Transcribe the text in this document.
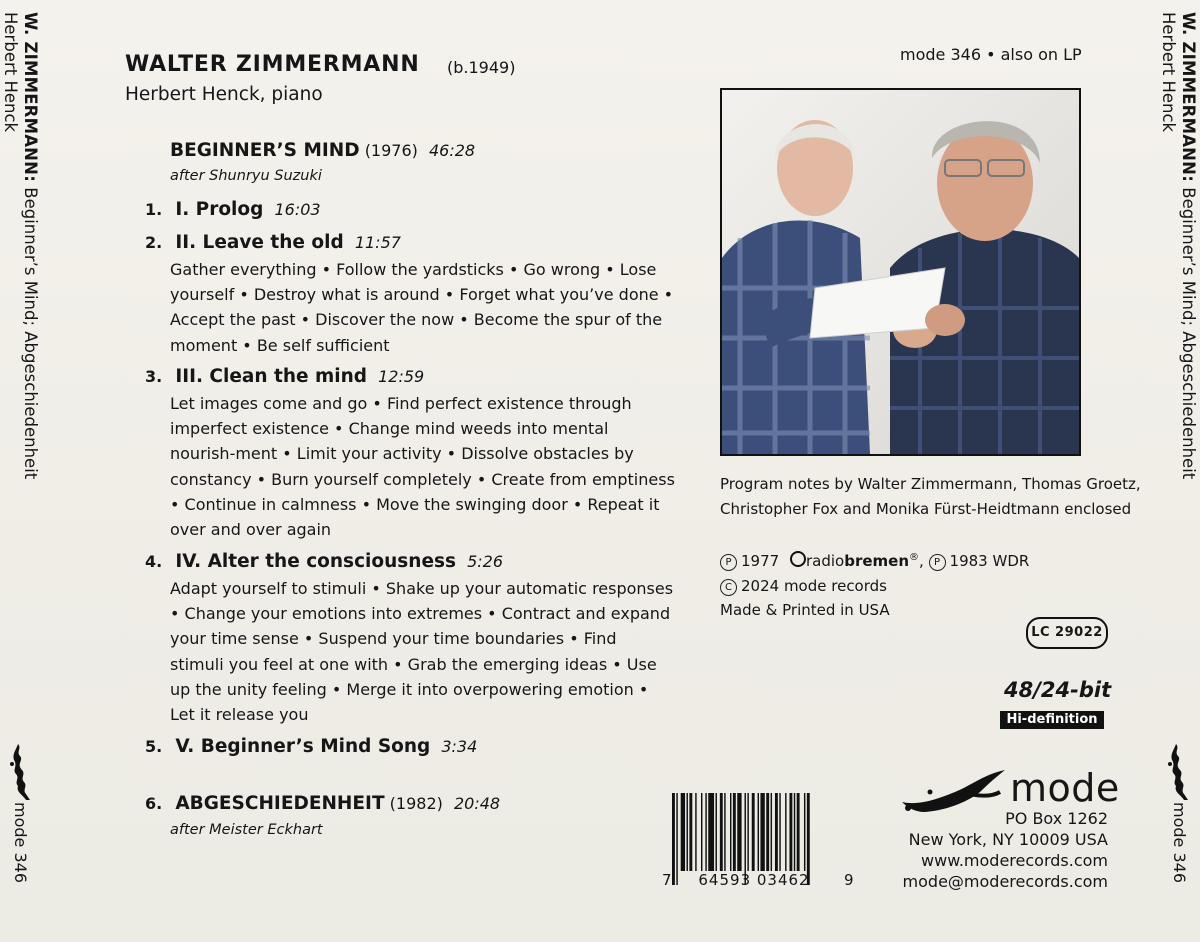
W. ZIMMERMANN: Beginner’s Mind; Abgeschiedenheit
Herbert Henck
mode 346
W. ZIMMERMANN: Beginner’s Mind; Abgeschiedenheit
Herbert Henck
mode 346
WALTER ZIMMERMANN (b.1949)
Herbert Henck, piano
BEGINNER’S MIND (1976) 46:28
after Shunryu Suzuki
1. I. Prolog 16:03
2. II. Leave the old 11:57
Gather everything • Follow the yardsticks • Go wrong • Lose yourself • Destroy what is around • Forget what you’ve done • Accept the past • Discover the now • Become the spur of the moment • Be self sufficient
3. III. Clean the mind 12:59
Let images come and go • Find perfect existence through imperfect existence • Change mind weeds into mental nourish-ment • Limit your activity • Dissolve obstacles by constancy • Burn yourself completely • Create from emptiness • Continue in calmness • Move the swinging door • Repeat it over and over again
4. IV. Alter the consciousness 5:26
Adapt yourself to stimuli • Shake up your automatic responses • Change your emotions into extremes • Contract and expand your time sense • Suspend your time boundaries • Find stimuli you feel at one with • Grab the emerging ideas • Use up the unity feeling • Merge it into overpowering emotion • Let it release you
5. V. Beginner’s Mind Song 3:34
6. ABGESCHIEDENHEIT (1982) 20:48
after Meister Eckhart
mode 346 • also on LP
Program notes by Walter Zimmermann, Thomas Groetz, Christopher Fox and Monika Fürst-Heidtmann enclosed
P 1977 radiobremen®, P 1983 WDR
C 2024 mode records
Made & Printed in USA
LC 29022
48/24-bit
Hi-definition
7	64593 03462	9
mode
PO Box 1262
New York, NY 10009 USA
www.moderecords.com
mode@moderecords.com
